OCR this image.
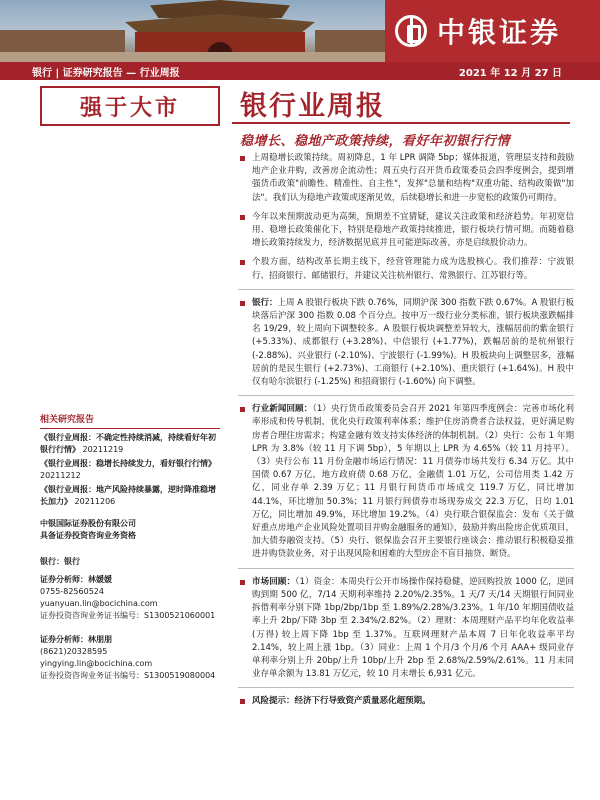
中银证券
银行 | 证券研究报告 — 行业周报	2021 年 12 月 27 日
强于大市
相关研究报告
《银行业周报：不确定性持续消减，持续看好年初银行行情》 20211219
《银行业周报：稳增长持续发力，看好银行行情》 20211212
《银行业周报：地产风险持续暴露，逆时降准稳增长加力》 20211206
中银国际证券股份有限公司
具备证券投资咨询业务资格
银行：银行
证券分析师：林媛媛
0755-82560524
yuanyuan.lin@bocichina.com
证券投资咨询业务证书编号：S1300521060001
证券分析师：林朋朋
(8621)20328595
yingying.lin@bocichina.com
证券投资咨询业务证书编号：S1300519080004
银行业周报
稳增长、稳地产政策持续，看好年初银行行情
上周稳增长政策持续。周初降息，1 年 LPR 调降 5bp；媒体报道，管理层支持和鼓励地产企业并购，改善房企流动性；周五央行召开货币政策委员会四季度例会，提到增强货币政策"前瞻性、精准性、自主性"，发挥"总量和结构"双重功能、结构政策做"加法"。我们认为稳地产政策或逐渐见效，后续稳增长和进一步宽松的政策仍可期待。
今年以来预期波动更为高频，预期差不宜猜疑，建议关注政策和经济趋势。年初宽信用、稳增长政策催化下，特别是稳地产政策持续推进，银行板块行情可期。而随着稳增长政策持续发力，经济数据见底并且可能逆际改善，亦是启续股价动力。
个股方面，结构改革长期主线下，经营管理能力成为选股核心。我们推荐：宁波银行、招商银行、邮储银行，并建议关注杭州银行、常熟银行、江苏银行等。
银行：上周 A 股银行板块下跌 0.76%，同期沪深 300 指数下跌 0.67%。A 股银行板块落后沪深 300 指数 0.08 个百分点。按申万一级行业分类标准，银行板块涨跌幅排名 19/29，较上周向下调整较多。A 股银行板块调整差异较大，涨幅居前的紫金银行 (+5.33%)、成都银行 (+3.28%)、中信银行 (+1.77%)，跌幅居前的是杭州银行 (-2.88%)、兴业银行 (-2.10%)、宁波银行 (-1.99%)。H 股板块向上调整居多，涨幅居前的是民生银行 (+2.73%)、工商银行 (+2.10%)、重庆银行 (+1.64%)。H 股中仅有哈尔滨银行 (-1.25%) 和招商银行 (-1.60%) 向下调整。
行业新闻回顾：（1）央行货币政策委员会召开 2021 年第四季度例会：完善市场化利率形成和传导机制，优化央行政策利率体系；维护住房消费者合法权益，更好满足购房者合理住房需求；构建金融有效支持实体经济的体制机制。（2）央行：公布 1 年期 LPR 为 3.8%（较 11 月下调 5bp），5 年期以上 LPR 为 4.65%（较 11 月持平）。（3）央行公布 11 月份金融市场运行情况：11 月债券市场共发行 6.34 万亿。其中国债 0.67 万亿，地方政府债 0.68 万亿，金融债 1.01 万亿，公司信用类 1.42 万亿，同业存单 2.39 万亿；11 月银行间货币市场成交 119.7 万亿，同比增加 44.1%，环比增加 50.3%；11 月银行间债券市场现券成交 22.3 万亿，日均 1.01 万亿，同比增加 49.9%，环比增加 19.2%。（4）央行联合银保监会：发布《关于做好重点房地产企业风险处置项目并购金融服务的通知》，鼓励并购出险房企优质项目，加大债券融资支持。（5）央行、银保监会召开主要银行座谈会：推动银行积极稳妥推进并购贷款业务，对于出现风险和困难的大型房企不盲目抽贷、断贷。
市场回顾：（1）资金：本周央行公开市场操作保持稳健，逆回购投放 1000 亿，逆回购到期 500 亿，7/14 天期利率维持 2.20%/2.35%。1 天/7 天/14 天期银行间同业拆借利率分别下降 1bp/2bp/1bp 至 1.89%/2.28%/3.23%。1 年/10 年期国债收益率上升 2bp/下降 3bp 至 2.34%/2.82%。（2）理财：本周理财产品平均年化收益率 (万得) 较上周下降 1bp 至 1.37%。互联网理财产品本周 7 日年化收益率平均 2.14%，较上周上涨 1bp。（3）同业：上周 1 个月/3 个月/6 个月 AAA+ 级同业存单利率分别上升 20bp/上升 10bp/上升 2bp 至 2.68%/2.59%/2.61%。11 月末同业存单余额为 13.81 万亿元，较 10 月末增长 6,931 亿元。
风险提示：经济下行导致资产质量恶化超预期。
